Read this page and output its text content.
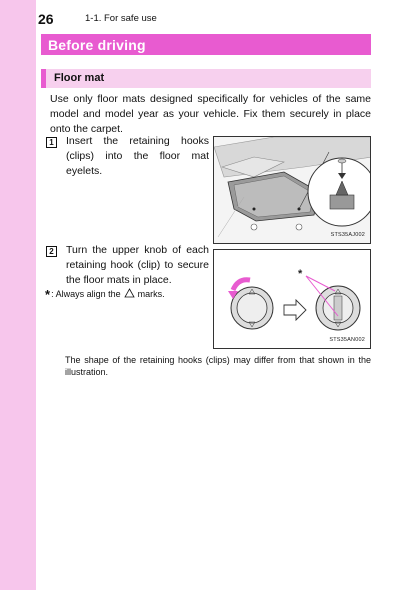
26	1-1. For safe use
Before driving
Floor mat
Use only floor mats designed specifically for vehicles of the same model and model year as your vehicle. Fix them securely in place onto the carpet.
1	Insert the retaining hooks (clips) into the floor mat eyelets.
STS35AJ002
2	Turn the upper knob of each retaining hook (clip) to secure the floor mats in place.
* : Always align the marks.
*
STS35AN002
The shape of the retaining hooks (clips) may differ from that shown in the illustration.
